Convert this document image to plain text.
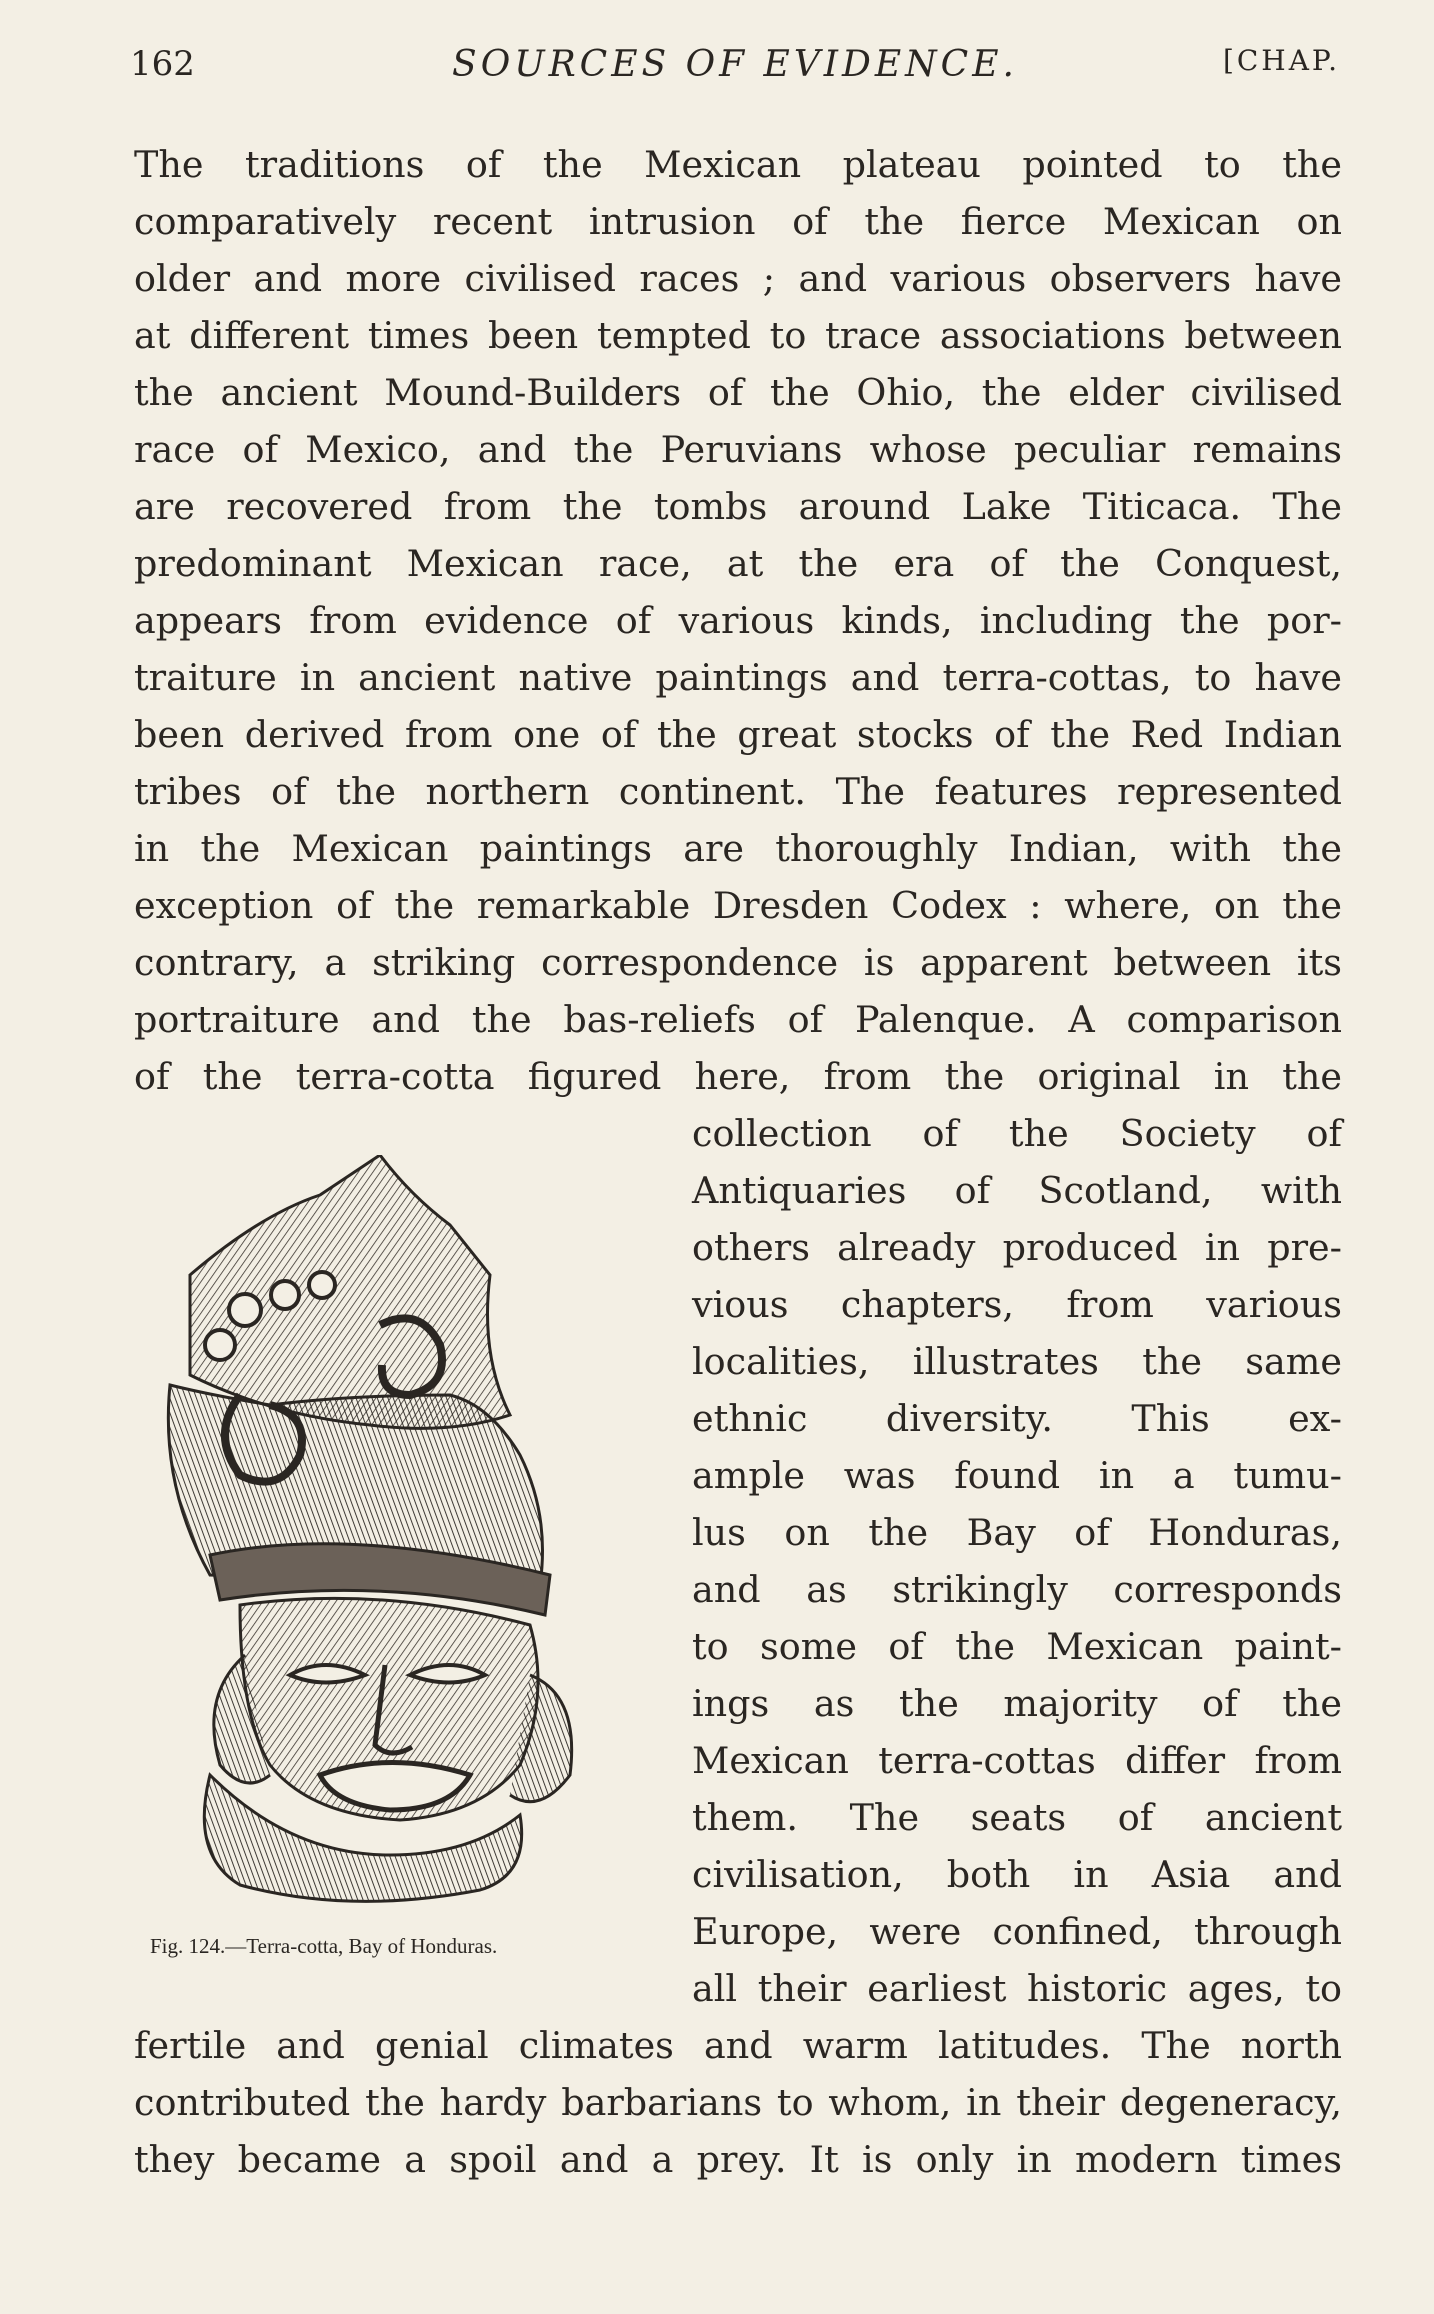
162	SOURCES OF EVIDENCE.	[CHAP.
The traditions of the Mexican plateau pointed to the
comparatively recent intrusion of the fierce Mexican on
older and more civilised races ; and various observers have
at different times been tempted to trace associations between
the ancient Mound-Builders of the Ohio, the elder civilised
race of Mexico, and the Peruvians whose peculiar remains
are recovered from the tombs around Lake Titicaca. The
predominant Mexican race, at the era of the Conquest,
appears from evidence of various kinds, including the por-
traiture in ancient native paintings and terra-cottas, to have
been derived from one of the great stocks of the Red Indian
tribes of the northern continent. The features represented
in the Mexican paintings are thoroughly Indian, with the
exception of the remarkable Dresden Codex : where, on the
contrary, a striking correspondence is apparent between its
portraiture and the bas-reliefs of Palenque. A comparison
of the terra-cotta figured here, from the original in the
collection of the Society of
Antiquaries of Scotland, with
others already produced in pre-
vious chapters, from various
localities, illustrates the same
ethnic diversity. This ex-
ample was found in a tumu-
lus on the Bay of Honduras,
and as strikingly corresponds
to some of the Mexican paint-
ings as the majority of the
Mexican terra-cottas differ from
them. The seats of ancient
civilisation, both in Asia and
Europe, were confined, through
all their earliest historic ages, to
fertile and genial climates and warm latitudes. The north
contributed the hardy barbarians to whom, in their degeneracy,
they became a spoil and a prey. It is only in modern times
Fig. 124.—Terra-cotta, Bay of Honduras.
